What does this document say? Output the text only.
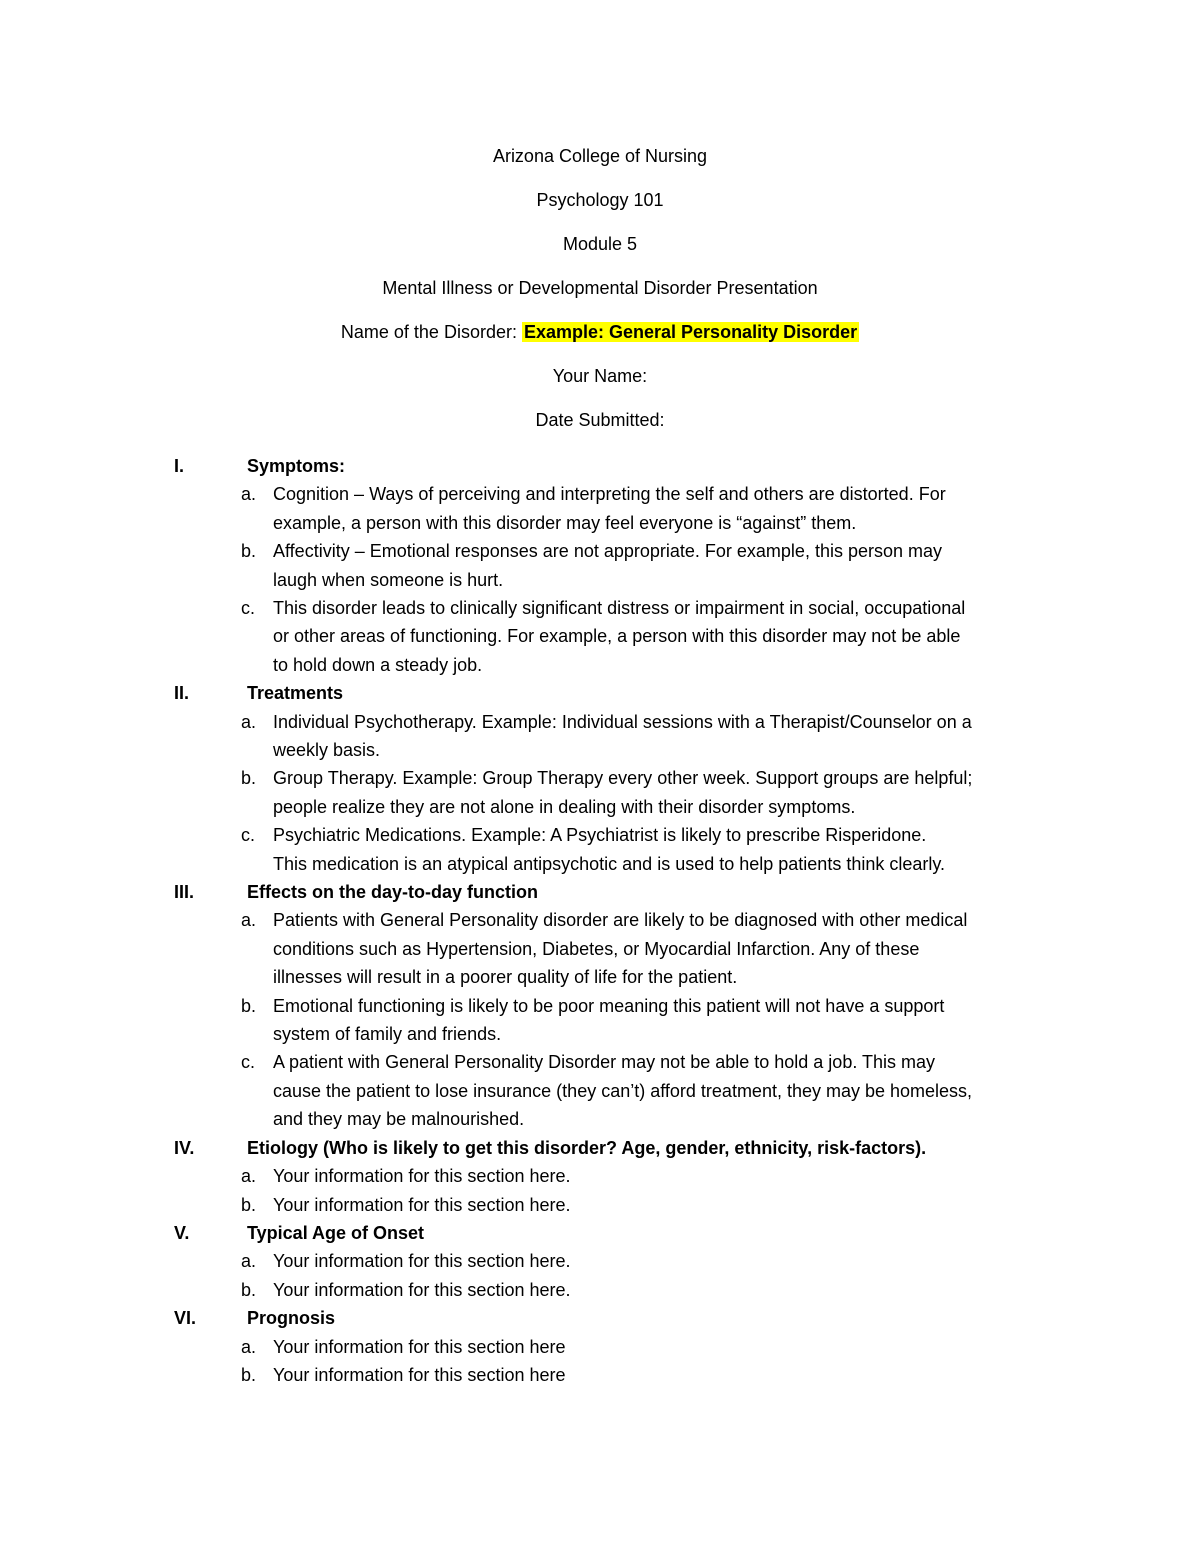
Arizona College of Nursing
Psychology 101
Module 5
Mental Illness or Developmental Disorder Presentation
Name of the Disorder: Example: General Personality Disorder
Your Name:
Date Submitted:
I.	Symptoms:
a. Cognition – Ways of perceiving and interpreting the self and others are distorted. For
example, a person with this disorder may feel everyone is “against” them.
b. Affectivity – Emotional responses are not appropriate. For example, this person may
laugh when someone is hurt.
c. This disorder leads to clinically significant distress or impairment in social, occupational
or other areas of functioning. For example, a person with this disorder may not be able
to hold down a steady job.
II.	Treatments
a. Individual Psychotherapy. Example: Individual sessions with a Therapist/Counselor on a
weekly basis.
b. Group Therapy. Example: Group Therapy every other week. Support groups are helpful;
people realize they are not alone in dealing with their disorder symptoms.
c. Psychiatric Medications. Example: A Psychiatrist is likely to prescribe Risperidone.
This medication is an atypical antipsychotic and is used to help patients think clearly.
III.	Effects on the day-to-day function
a. Patients with General Personality disorder are likely to be diagnosed with other medical
conditions such as Hypertension, Diabetes, or Myocardial Infarction. Any of these
illnesses will result in a poorer quality of life for the patient.
b. Emotional functioning is likely to be poor meaning this patient will not have a support
system of family and friends.
c. A patient with General Personality Disorder may not be able to hold a job. This may
cause the patient to lose insurance (they can’t) afford treatment, they may be homeless,
and they may be malnourished.
IV.	Etiology (Who is likely to get this disorder? Age, gender, ethnicity, risk-factors).
a. Your information for this section here.
b. Your information for this section here.
V.	Typical Age of Onset
a. Your information for this section here.
b. Your information for this section here.
VI.	Prognosis
a. Your information for this section here
b. Your information for this section here
